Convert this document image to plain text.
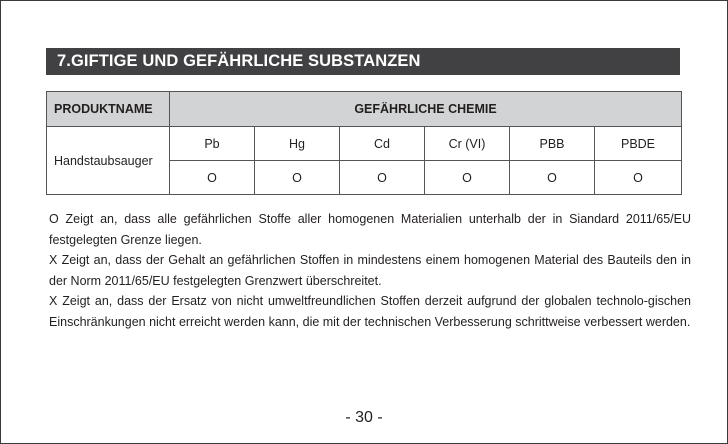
7.GIFTIGE UND GEFÄHRLICHE SUBSTANZEN
PRODUKTNAME	GEFÄHRLICHE CHEMIE					
Handstaubsauger	Pb	Hg	Cd	Cr (VI)	PBB	PBDE
	O	O	O	O	O	O

O Zeigt an, dass alle gefährlichen Stoffe aller homogenen Materialien unterhalb der in Siandard 2011/65/EU festgelegten Grenze liegen.

X Zeigt an, dass der Gehalt an gefährlichen Stoffen in mindestens einem homogenen Material des Bauteils den in der Norm 2011/65/EU festgelegten Grenzwert überschreitet.

X Zeigt an, dass der Ersatz von nicht umweltfreundlichen Stoffen derzeit aufgrund der globalen technolo-gischen Einschränkungen nicht erreicht werden kann, die mit der technischen Verbesserung schrittweise verbessert werden.

- 30 -
